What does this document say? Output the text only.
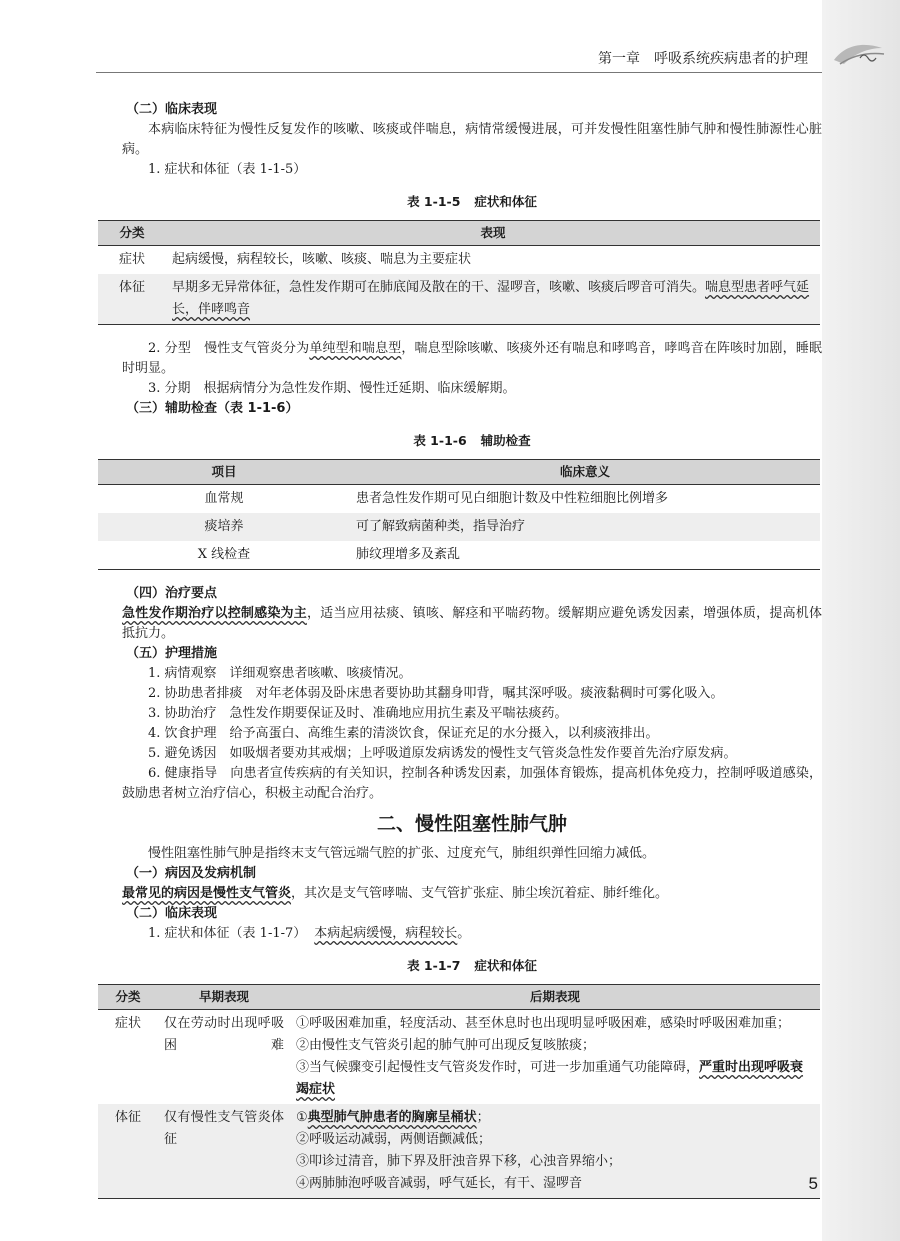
第一章　呼吸系统疾病患者的护理
（二）临床表现
本病临床特征为慢性反复发作的咳嗽、咳痰或伴喘息，病情常缓慢进展，可并发慢性阻塞性肺气肿和慢性肺源性心脏病。
1. 症状和体征（表 1-1-5）
表 1-1-5 症状和体征
分类	表现
症状	起病缓慢，病程较长，咳嗽、咳痰、喘息为主要症状
体征	早期多无异常体征，急性发作期可在肺底闻及散在的干、湿啰音，咳嗽、咳痰后啰音可消失。喘息型患者呼气延长，伴哮鸣音
2. 分型　慢性支气管炎分为单纯型和喘息型，喘息型除咳嗽、咳痰外还有喘息和哮鸣音，哮鸣音在阵咳时加剧，睡眠时明显。
3. 分期　根据病情分为急性发作期、慢性迁延期、临床缓解期。
（三）辅助检查（表 1-1-6）
表 1-1-6 辅助检查
项目	临床意义
血常规	患者急性发作期可见白细胞计数及中性粒细胞比例增多
痰培养	可了解致病菌种类，指导治疗
X 线检查	肺纹理增多及紊乱
（四）治疗要点
急性发作期治疗以控制感染为主，适当应用祛痰、镇咳、解痉和平喘药物。缓解期应避免诱发因素，增强体质，提高机体抵抗力。
（五）护理措施
1. 病情观察　详细观察患者咳嗽、咳痰情况。
2. 协助患者排痰　对年老体弱及卧床患者要协助其翻身叩背，嘱其深呼吸。痰液黏稠时可雾化吸入。
3. 协助治疗　急性发作期要保证及时、准确地应用抗生素及平喘祛痰药。
4. 饮食护理　给予高蛋白、高维生素的清淡饮食，保证充足的水分摄入，以利痰液排出。
5. 避免诱因　如吸烟者要劝其戒烟；上呼吸道原发病诱发的慢性支气管炎急性发作要首先治疗原发病。
6. 健康指导　向患者宣传疾病的有关知识，控制各种诱发因素，加强体育锻炼，提高机体免疫力，控制呼吸道感染，鼓励患者树立治疗信心，积极主动配合治疗。
二、慢性阻塞性肺气肿
慢性阻塞性肺气肿是指终末支气管远端气腔的扩张、过度充气，肺组织弹性回缩力减低。
（一）病因及发病机制
最常见的病因是慢性支气管炎，其次是支气管哮喘、支气管扩张症、肺尘埃沉着症、肺纤维化。
（二）临床表现
1. 症状和体征（表 1-1-7） 本病起病缓慢，病程较长。
表 1-1-7 症状和体征
分类	早期表现	后期表现
症状	仅在劳动时出现呼吸困难	①呼吸困难加重，轻度活动、甚至休息时也出现明显呼吸困难，感染时呼吸困难加重；
②由慢性支气管炎引起的肺气肿可出现反复咳脓痰；
③当气候骤变引起慢性支气管炎发作时，可进一步加重通气功能障碍，严重时出现呼吸衰竭症状

体征	仅有慢性支气管炎体征	①典型肺气肿患者的胸廓呈桶状；
②呼吸运动减弱，两侧语颤减低；
③叩诊过清音，肺下界及肝浊音界下移，心浊音界缩小；
④两肺肺泡呼吸音减弱，呼气延长，有干、湿啰音	5
